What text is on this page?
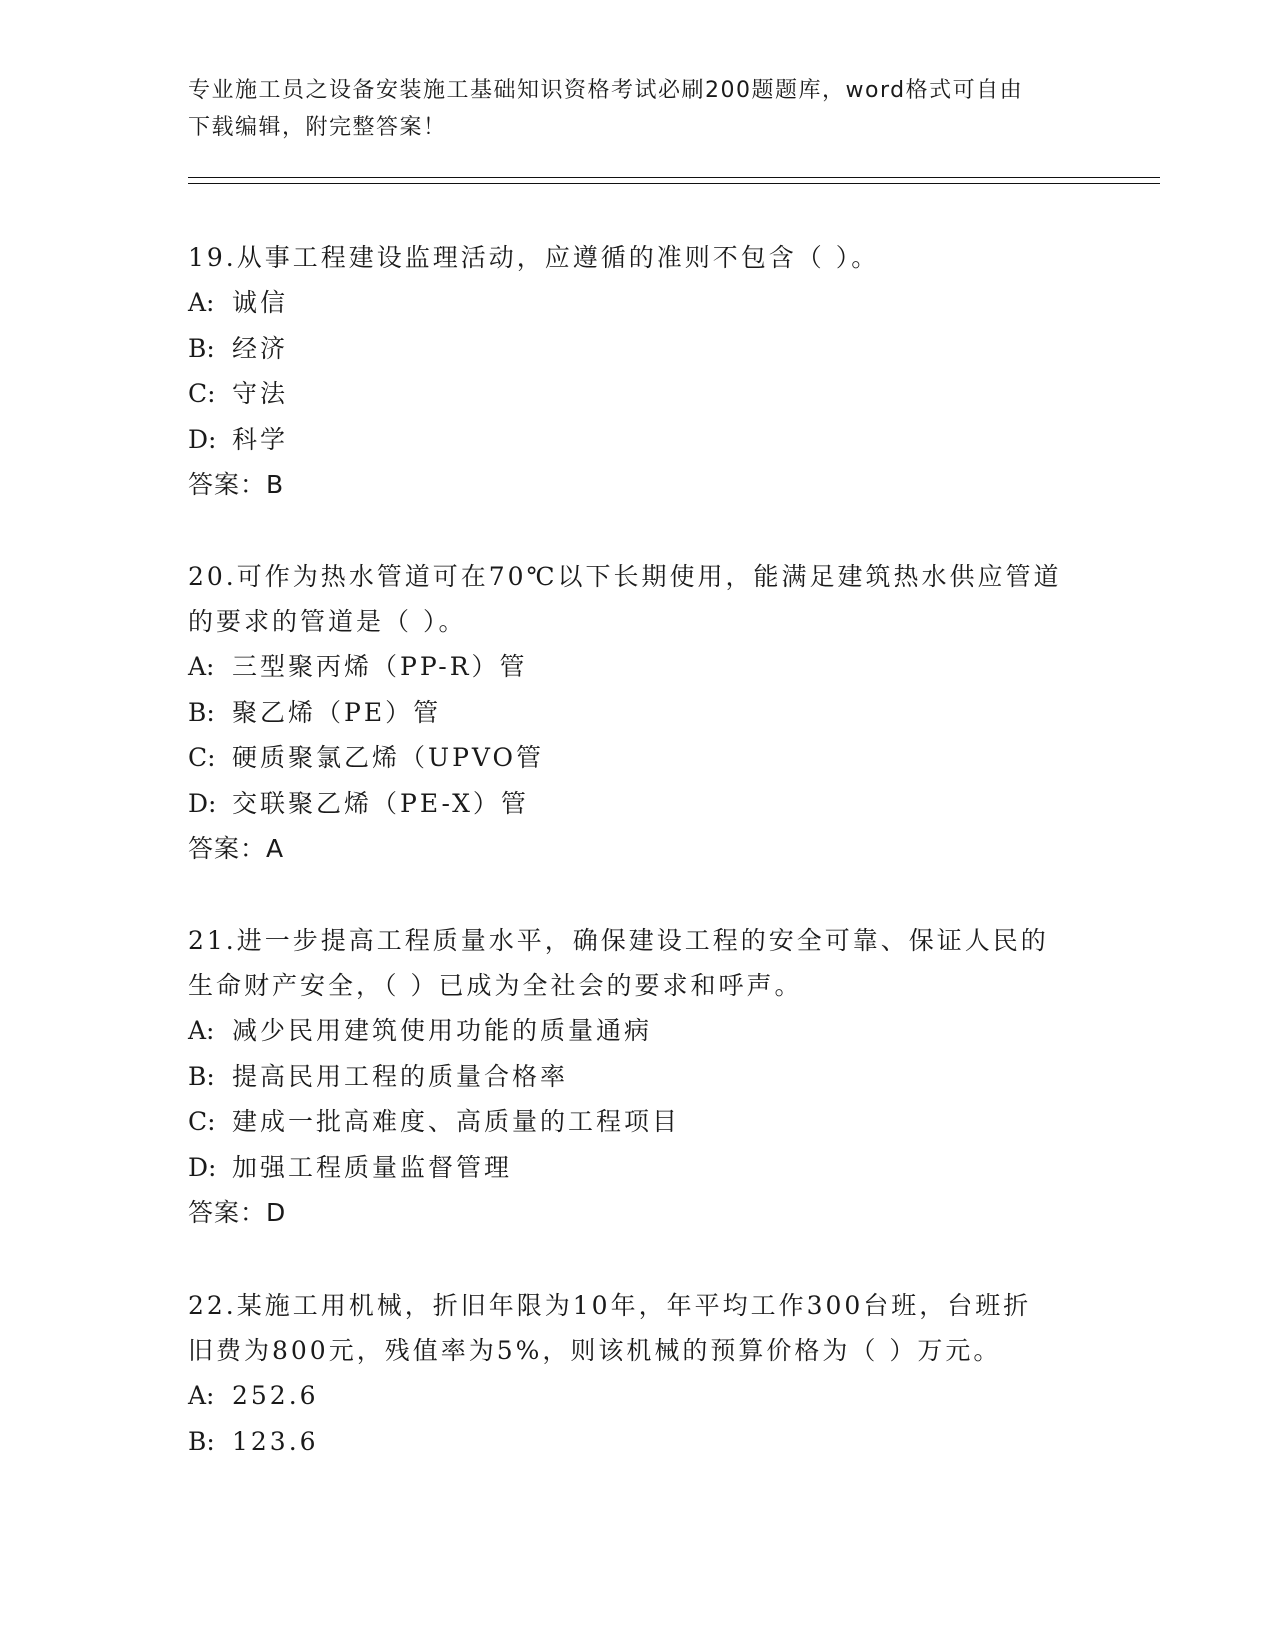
专业施工员之设备安装施工基础知识资格考试必刷200题题库，word格式可自由
下载编辑，附完整答案！

19.从事工程建设监理活动，应遵循的准则不包含（ ）。

A: 诚信

B: 经济

C: 守法

D: 科学

答案：B

20.可作为热水管道可在70℃以下长期使用，能满足建筑热水供应管道

的要求的管道是（ ）。

A: 三型聚丙烯（PP-R）管

B: 聚乙烯（PE）管

C: 硬质聚氯乙烯（UPVO管

D: 交联聚乙烯（PE-X）管

答案：A

21.进一步提高工程质量水平，确保建设工程的安全可靠、保证人民的

生命财产安全，（ ）已成为全社会的要求和呼声。

A: 减少民用建筑使用功能的质量通病

B: 提高民用工程的质量合格率

C: 建成一批高难度、高质量的工程项目

D: 加强工程质量监督管理

答案：D

22.某施工用机械，折旧年限为10年，年平均工作300台班，台班折

旧费为800元，残值率为5%，则该机械的预算价格为（ ）万元。

A: 252.6

B: 123.6
